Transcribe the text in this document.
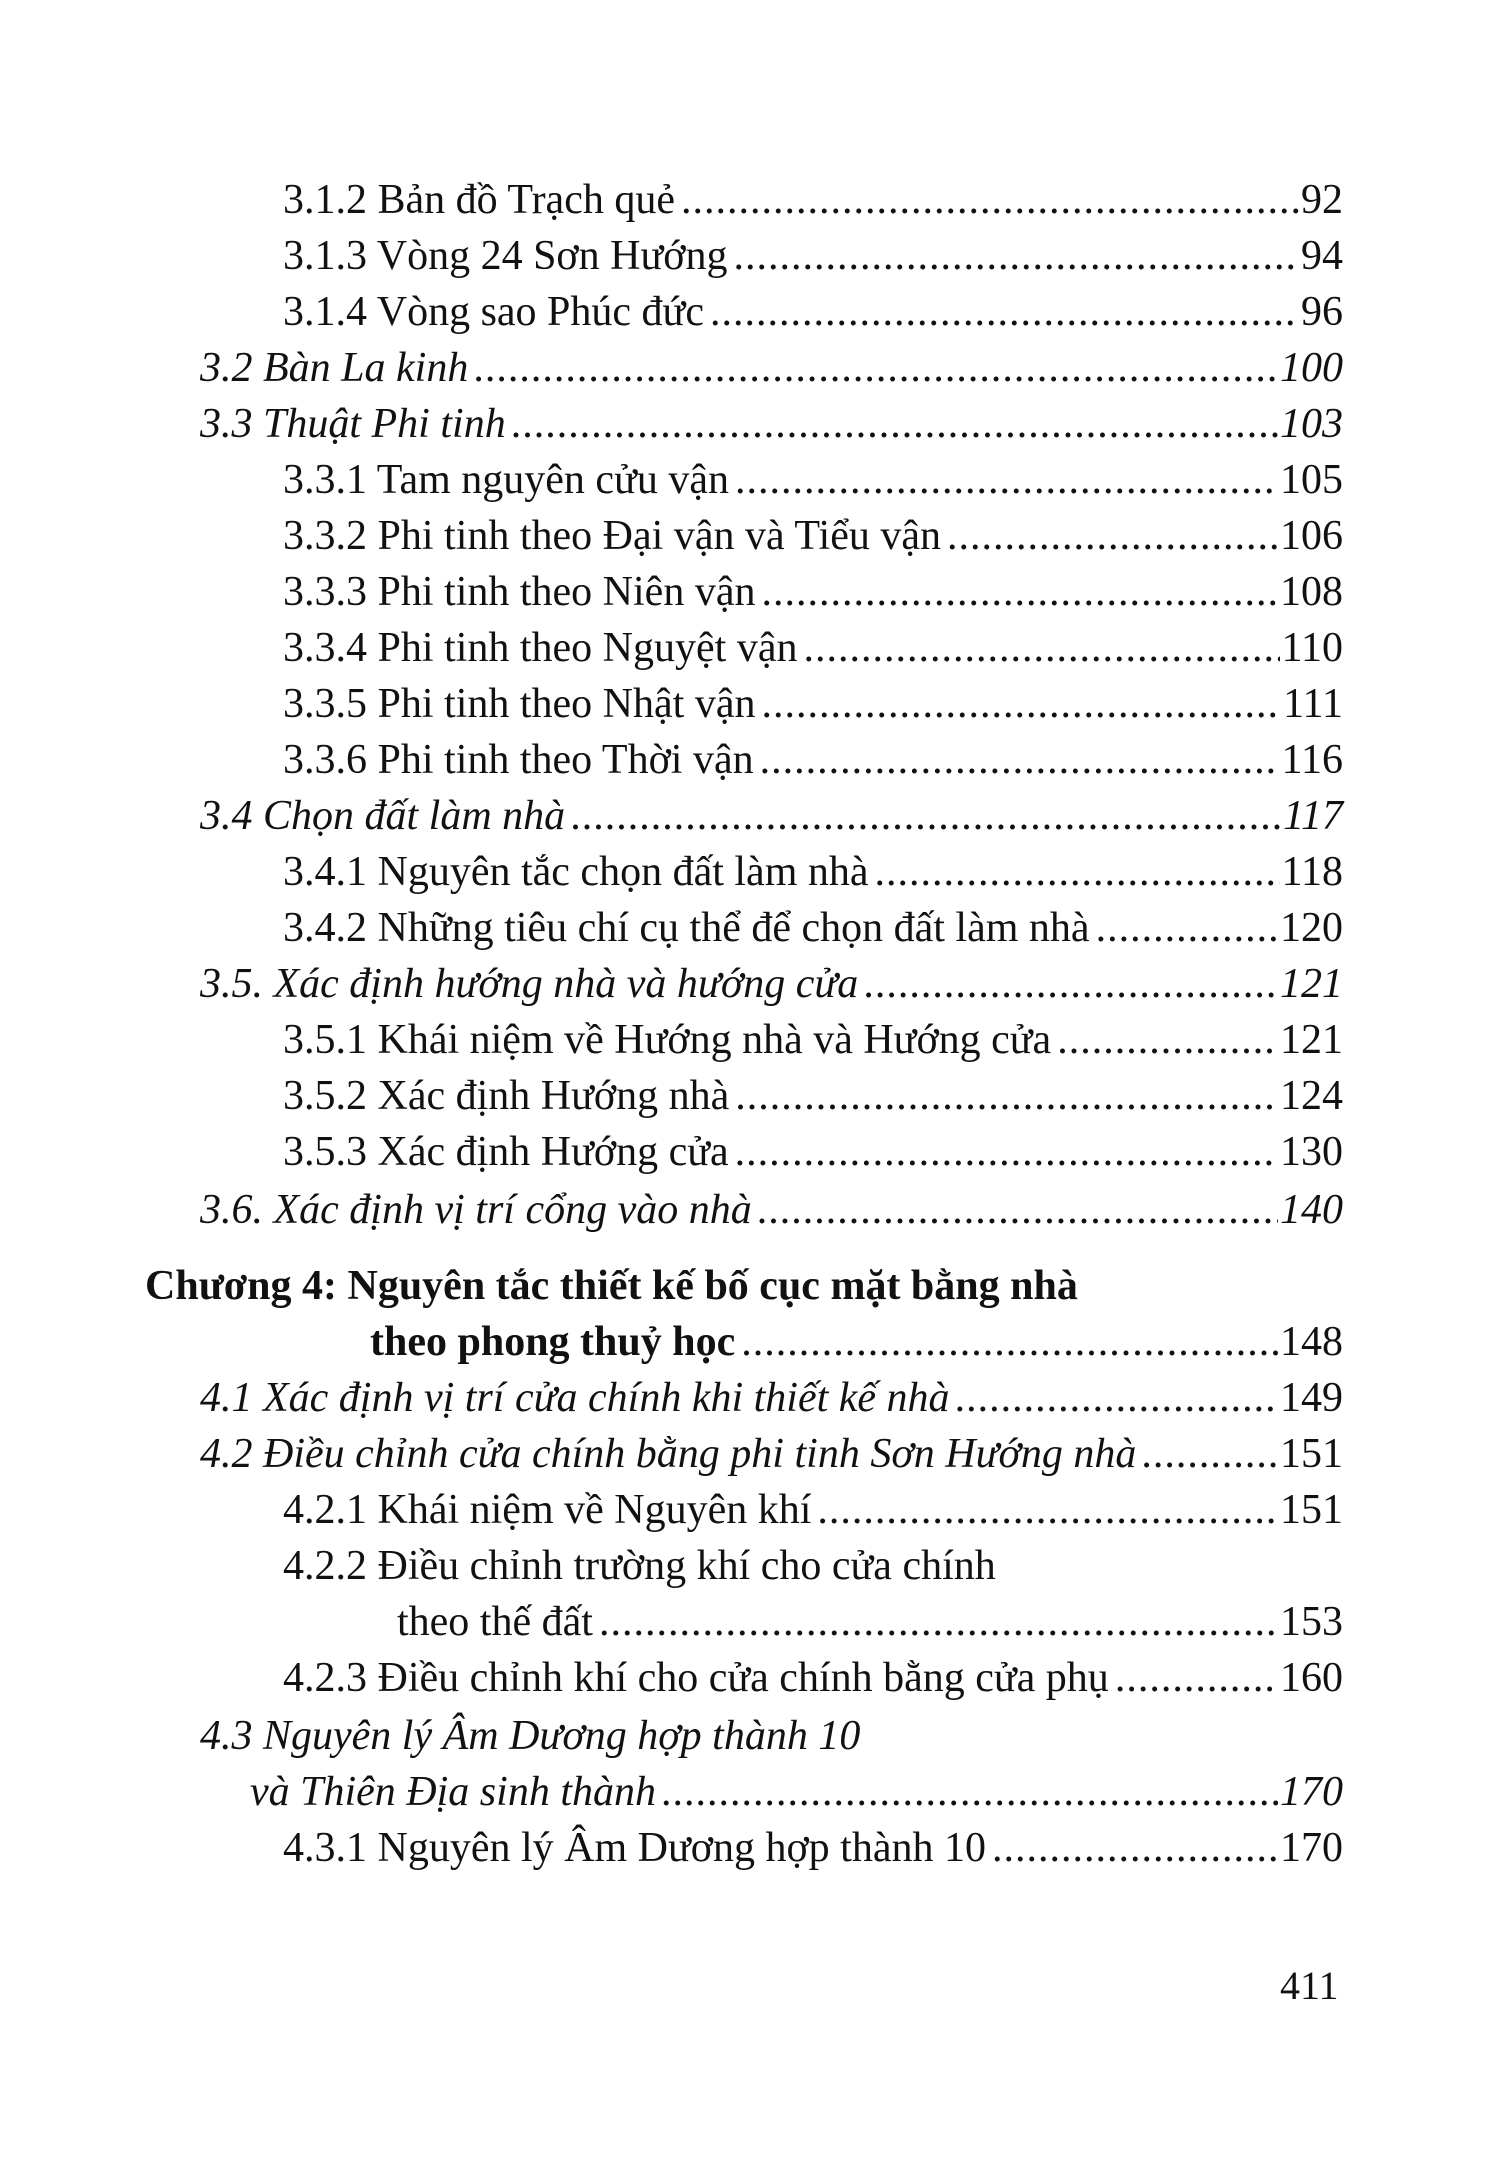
3.1.2 Bản đồ Trạch quẻ .....	92
3.1.3 Vòng 24 Sơn Hướng .....	94
3.1.4 Vòng sao Phúc đức .....	96
3.2 Bàn La kinh .....	100
3.3 Thuật Phi tinh .....	103
3.3.1 Tam nguyên cửu vận .....	105
3.3.2 Phi tinh theo Đại vận và Tiểu vận .....	106
3.3.3 Phi tinh theo Niên vận .....	108
3.3.4 Phi tinh theo Nguyệt vận .....	110
3.3.5 Phi tinh theo Nhật vận .....	111
3.3.6 Phi tinh theo Thời vận .....	116
3.4 Chọn đất làm nhà .....	117
3.4.1 Nguyên tắc chọn đất làm nhà .....	118
3.4.2 Những tiêu chí cụ thể để chọn đất làm nhà .....	120
3.5. Xác định hướng nhà và hướng cửa .....	121
3.5.1 Khái niệm về Hướng nhà và Hướng cửa .....	121
3.5.2 Xác định Hướng nhà .....	124
3.5.3 Xác định Hướng cửa .....	130
3.6. Xác định vị trí cổng vào nhà .....	140
Chương 4: Nguyên tắc thiết kế bố cục mặt bằng nhà
theo phong thuỷ học .....	148
4.1 Xác định vị trí cửa chính khi thiết kế nhà .....	149
4.2 Điều chỉnh cửa chính bằng phi tinh Sơn Hướng nhà .....	151
4.2.1 Khái niệm về Nguyên khí .....	151
4.2.2 Điều chỉnh trường khí cho cửa chính
theo thế đất .....	153
4.2.3 Điều chỉnh khí cho cửa chính bằng cửa phụ .....	160
4.3 Nguyên lý Âm Dương hợp thành 10
và Thiên Địa sinh thành .....	170
4.3.1 Nguyên lý Âm Dương hợp thành 10 .....	170
411
